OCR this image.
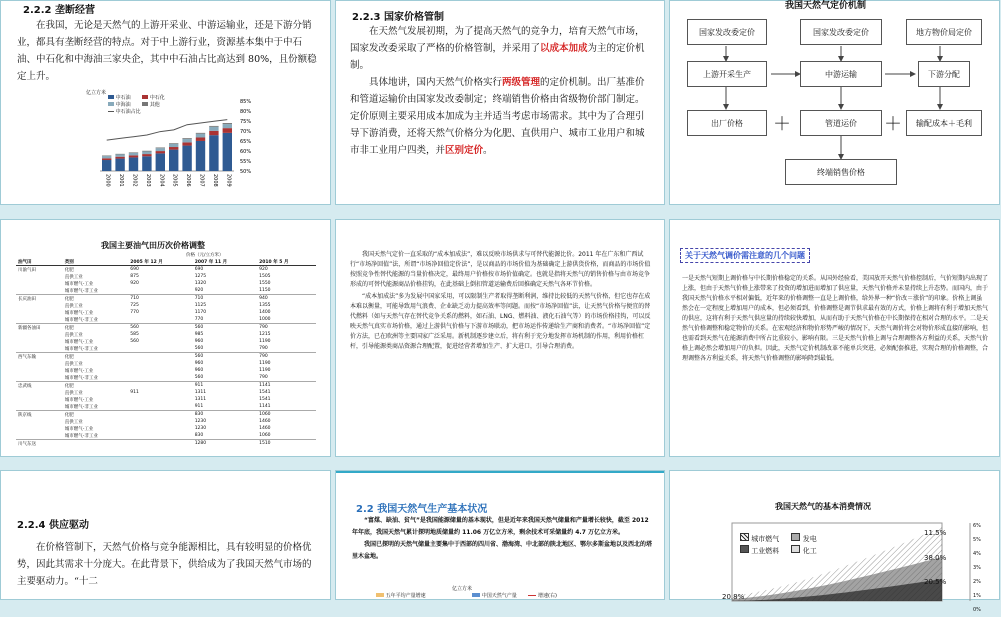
2.2.2 垄断经营

在我国，无论是天然气的上游开采业、中游运输业，还是下游分销业，都具有垄断经营的特点。对于中上游行业，资源基本集中于中石油、中石化和中海油三家央企，其中中石油占比高达到 80%，且份额稳定上升。

亿立方米
中石油	中石化
中海油	其他
中石油占比
2000 2001 2002 2003 2004 2005 2006 2007 2008 2009
85%
80%
75%
70%
65%
60%
55%
50%
2.2.3 国家价格管制

在天然气发展初期，为了提高天然气的竞争力，培育天然气市场，国家发改委采取了严格的价格管制，并采用了以成本加成为主的定价机制。

具体地讲，国内天然气价格实行两级管理的定价机制。出厂基准价和管道运输价由国家发改委制定；终端销售价格由省级物价部门制定。定价原则主要采用成本加成为主并适当考虑市场需求。其中为了合理引导下游消费，还将天然气价格分为化肥、直供用户、城市工业用户和城市非工业用户四类，并区别定价。

我国天然气定价机制
国家发改委定价	国家发改委定价	地方物价局定价
上游开采生产	中游运输	下游分配
出厂价格	＋	管道运价	＋	输配成本＋毛利
终端销售价格
我国主要油气田历次价格调整
价格（元/立方米）
油气田	类别	2005 年 12 月	2007 年 11 月	2010 年 5 月
川渝气田	化肥	690	690	920
	直供工业	875	1275	1505
	城市燃气-工业	920	1320	1550
	城市燃气-非工业		920	1150
长庆油田	化肥	710	710	940
	直供工业	725	1125	1355
	城市燃气-工业	770	1170	1400
	城市燃气-非工业		770	1000
新疆各油田	化肥	560	560	790
	直供工业	585	985	1215
	城市燃气-工业	560	960	1190
	城市燃气-非工业		560	790
西气东输	化肥		560	790
	直供工业		960	1190
	城市燃气-工业		960	1190
	城市燃气-非工业		560	790
忠武线	化肥		911	1141
	直供工业	911	1311	1541
	城市燃气-工业		1311	1541
	城市燃气-非工业		911	1141
陕京线	化肥		830	1060
	直供工业		1230	1460
	城市燃气-工业		1230	1460
	城市燃气-非工业		830	1060
川气东送			1280	1510

我国天然气定价一直采取的“成本加成法”，难以反映市场供求与可替代能源比价。2011 年在广东和广西试行“市场净回值”法，所谓“市场净回值定价法”，是以商品的市场价值为基础确定上游供货价格，而商品的市场价值按照竞争性替代能源的当量价格决定，最终用户价格按市场价值确定。也就是指将天然气的销售价格与由市场竞争形成的可替代能源商品价格挂钩，在此基础上倒扣管道运输费后回推确定天然气各环节价格。

“成本加成法”多为发展中国家采用，可以限制生产者取得垄断利润，维持比较低的天然气价格，但它也存在成本难以衡量，可能导致用气浪费、企业缺乏动力提高效率等问题。而按“市场净回值”法，让天然气价格与便宜的替代燃料（如与天然气存在替代竞争关系的燃料，如石油、LNG、燃料油、液化石油气等）的市场价格挂钩，可以反映天然气真实市场价格，通过上游供气价格与下游市场联动，把市场运作传递给生产商和消费者。“市场净回值”定价方法，已在欧洲等主要国家广泛采用。新机制逐步建立后，将有利于充分地发挥市场机制的作用，利用价格杠杆，引导能源类商品资源合理配置，促进经营者增加生产、扩大进口，引导合理消费。

关于天然气调价需注意的几个问题

一是天然气短期上调价格与中长期价格稳定的关系。从国外经验看，美国放开天然气价格控制后，气价短期内出现了上涨，但由于天然气价格上涨带来了投资的增加进而增加了供应量，天然气价格并未显持续上升态势。而国内，由于我国天然气价格水平相对偏低，近年来的价格调整一直是上调价格，给外界一种“价改＝涨价”的印象。价格上调虽然会在一定程度上增加用户的成本，但必须看到，价格调整是调节供求最有效的方式，价格上调将有利于增加天然气的供应，这将有利于天然气供应量的持续较快增加，从而有助于天然气价格在中长期保持在相对合理的水平。二是天然气价格调整和稳定物价的关系。在宏观经济和物价形势严峻的情况下，天然气调价将会对物价形成直接的影响，但也需看到天然气在能源消费中所占比重较小，影响有限。三是天然气价格上调与合理调整各方利益的关系，天然气价格上调必然会增加用户的负担。因此，天然气定价机制改革不能单兵突进，必须配套推进，实现合理的价格调整，合理调整各方利益关系，将天然气价格调整的影响降到最低。

2.2.4 供应驱动

在价格管制下，天然气价格与竞争能源相比，具有较明显的价格优势，因此其需求十分庞大。在此背景下，供给成为了我国天然气市场的主要驱动力。“十二

2.2 我国天然气生产基本状况

“富煤、缺油、贫气”是我国能源储量的基本现状，但是近年来我国天然气储量和产量增长较快，截至 2012 年年底，我国天然气累计探明地质储量约 11.06 万亿立方米，剩余技术可采储量约 4.7 万亿立方米。

我国已探明的天然气储量主要集中于西部的四川省、渤海湾、中北部的陕北地区、鄂尔多斯盆地以及西北的塔里木盆地。

亿立方米
五年平均产量增速	中国天然气产量	增速(右)
我国天然气的基本消费情况
城市燃气	发电
工业燃料	化工
11.5%
38.0%
20.5%
20.8%
6%
5%
4%
3%
2%
1%
0%
